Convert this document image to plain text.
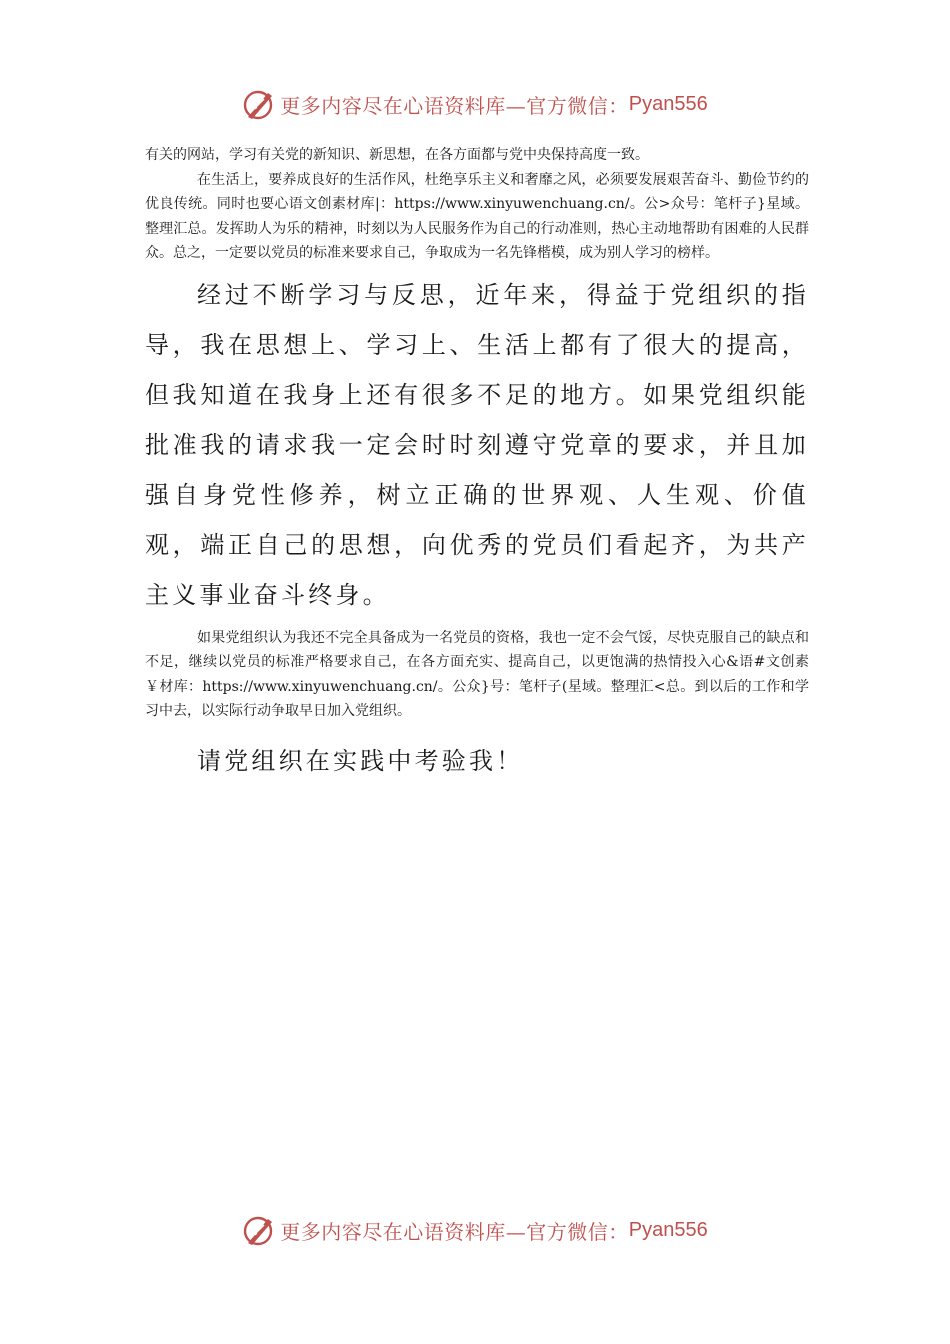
更多内容尽在心语资料库—官方微信： Pyan556

有关的网站，学习有关党的新知识、新思想，在各方面都与党中央保持高度一致。

在生活上，要养成良好的生活作风，杜绝享乐主义和奢靡之风，必须要发展艰苦奋斗、勤俭节约的优良传统。同时也要心语文创素材库|：https://www.xinyuwenchuang.cn/。公>众号：笔杆子}星域。整理汇总。发挥助人为乐的精神，时刻以为人民服务作为自己的行动准则，热心主动地帮助有困难的人民群众。总之，一定要以党员的标准来要求自己，争取成为一名先锋楷模，成为别人学习的榜样。

经过不断学习与反思，近年来，得益于党组织的指导，我在思想上、学习上、生活上都有了很大的提高，但我知道在我身上还有很多不足的地方。如果党组织能批准我的请求我一定会时时刻遵守党章的要求，并且加强自身党性修养，树立正确的世界观、人生观、价值观，端正自己的思想，向优秀的党员们看起齐，为共产主义事业奋斗终身。

如果党组织认为我还不完全具备成为一名党员的资格，我也一定不会气馁，尽快克服自己的缺点和不足，继续以党员的标准严格要求自己，在各方面充实、提高自己，以更饱满的热情投入心&语#文创素￥材库：https://www.xinyuwenchuang.cn/。公众}号：笔杆子(星域。整理汇<总。到以后的工作和学习中去，以实际行动争取早日加入党组织。

请党组织在实践中考验我！

更多内容尽在心语资料库—官方微信： Pyan556
